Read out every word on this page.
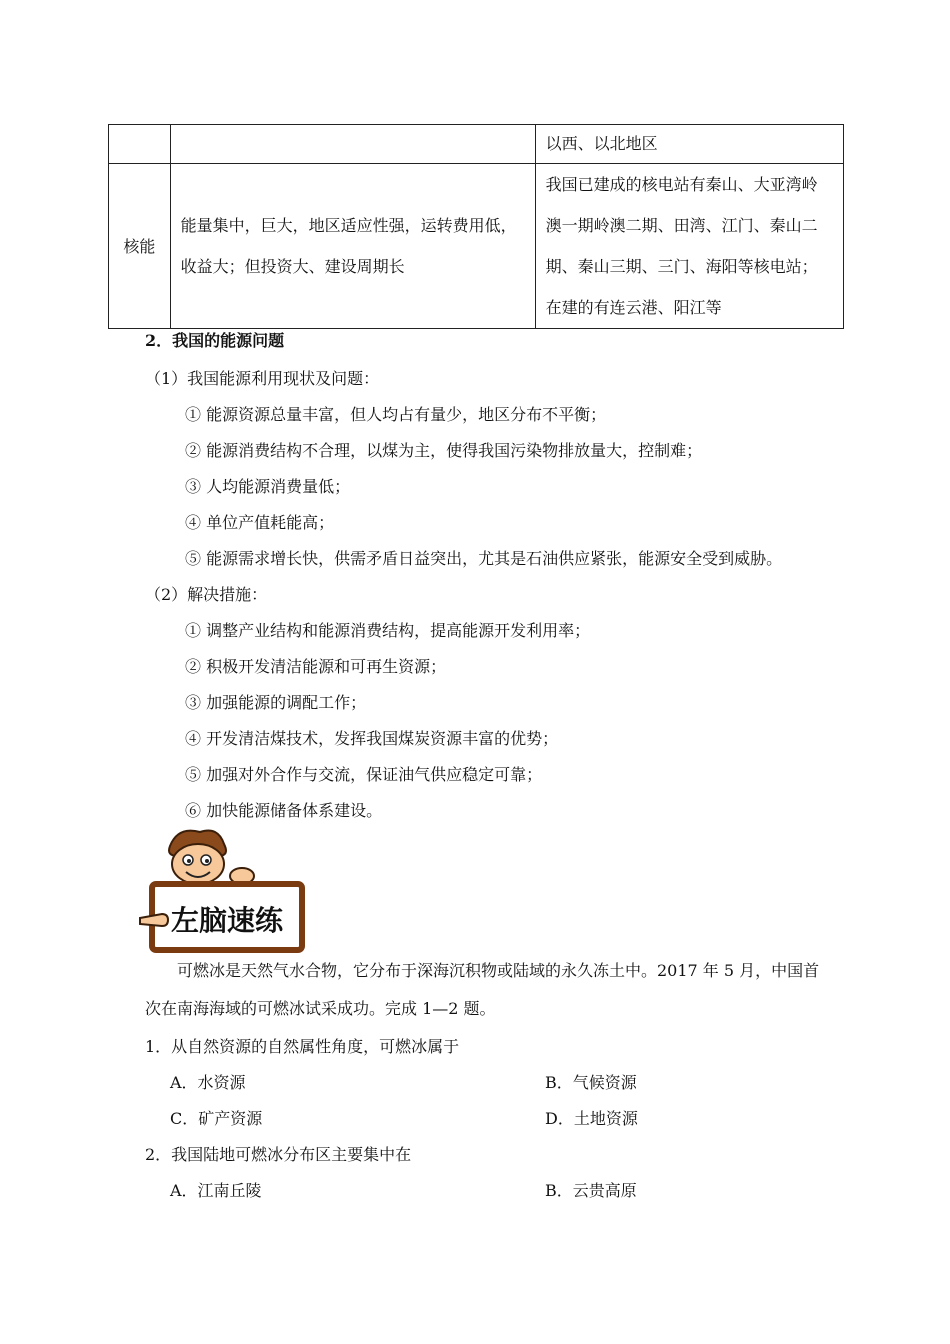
		以西、以北地区
核能	能量集中，巨大，地区适应性强，运转费用低，收益大；但投资大、建设周期长	我国已建成的核电站有秦山、大亚湾岭澳一期岭澳二期、田湾、江门、秦山二期、秦山三期、三门、海阳等核电站；在建的有连云港、阳江等
2．我国的能源问题
（1）我国能源利用现状及问题：
① 能源资源总量丰富，但人均占有量少，地区分布不平衡；
② 能源消费结构不合理，以煤为主，使得我国污染物排放量大，控制难；
③ 人均能源消费量低；
④ 单位产值耗能高；
⑤ 能源需求增长快，供需矛盾日益突出，尤其是石油供应紧张，能源安全受到威胁。
（2）解决措施：
① 调整产业结构和能源消费结构，提高能源开发利用率；
② 积极开发清洁能源和可再生资源；
③ 加强能源的调配工作；
④ 开发清洁煤技术，发挥我国煤炭资源丰富的优势；
⑤ 加强对外合作与交流，保证油气供应稳定可靠；
⑥ 加快能源储备体系建设。
左脑速练
可燃冰是天然气水合物，它分布于深海沉积物或陆域的永久冻土中。2017 年 5 月，中国首次在南海海域的可燃冰试采成功。完成 1—2 题。
1．从自然资源的自然属性角度，可燃冰属于
A．水资源	B．气候资源
C．矿产资源	D．土地资源
2．我国陆地可燃冰分布区主要集中在
A．江南丘陵	B．云贵高原
